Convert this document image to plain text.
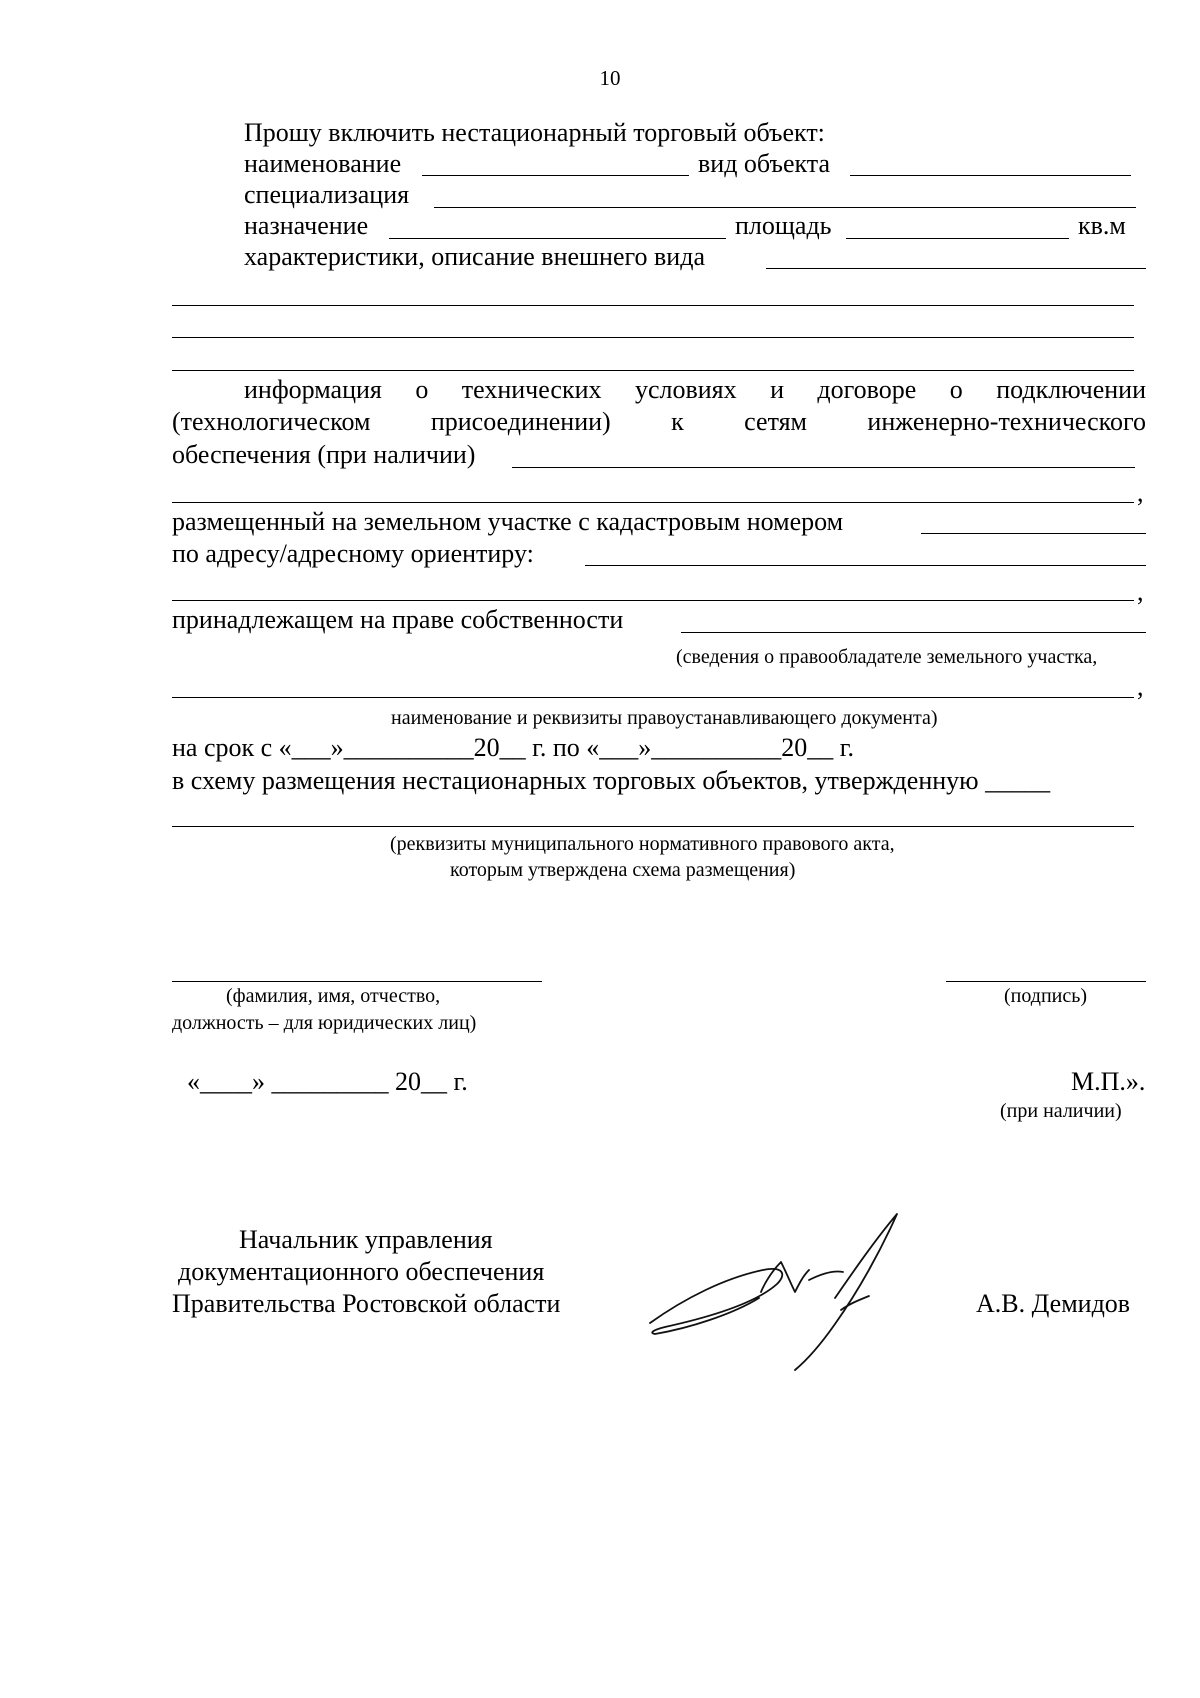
10
Прошу включить нестационарный торговый объект:
наименование	вид объекта
специализация
назначение	площадь	кв.м
характеристики, описание внешнего вида
информация о технических условиях и договоре о подключении
(технологическом присоединении) к сетям инженерно-технического
обеспечения (при наличии)
,
размещенный на земельном участке с кадастровым номером
по адресу/адресному ориентиру:
,
принадлежащем на праве собственности
(сведения о правообладателе земельного участка,
,
наименование и реквизиты правоустанавливающего документа)
на срок с «___»__________20__ г. по «___»__________20__ г.
в схему размещения нестационарных торговых объектов, утвержденную _____
(реквизиты муниципального нормативного правового акта,
которым утверждена схема размещения)
(фамилия, имя, отчество,
должность – для юридических лиц)
(подпись)
«____» _________ 20__ г.	М.П.».
(при наличии)
Начальник управления
документационного обеспечения
Правительства Ростовской области	А.В. Демидов
